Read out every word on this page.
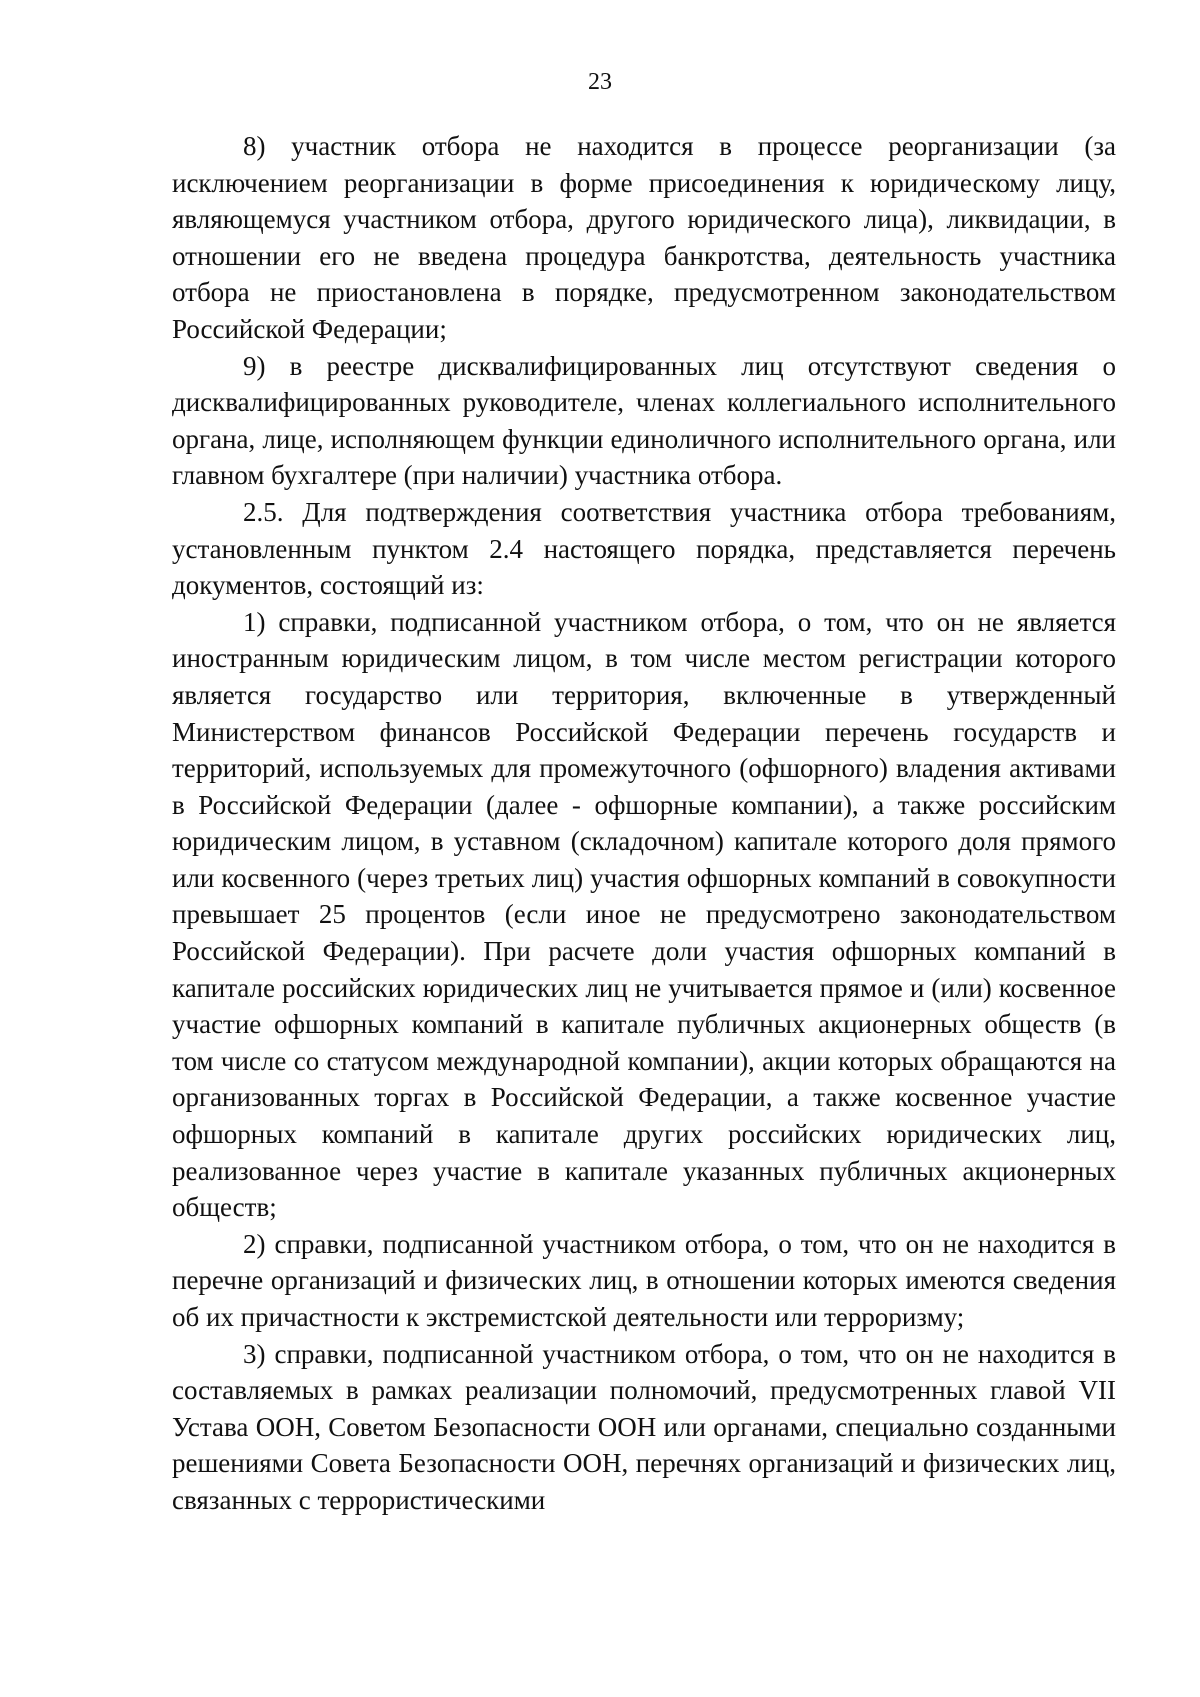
23

8) участник отбора не находится в процессе реорганизации (за исключением реорганизации в форме присоединения к юридическому лицу, являющемуся участником отбора, другого юридического лица), ликвидации, в отношении его не введена процедура банкротства, деятельность участника отбора не приостановлена в порядке, предусмотренном законодательством Российской Федерации;

9) в реестре дисквалифицированных лиц отсутствуют сведения о дисквалифицированных руководителе, членах коллегиального исполнительного органа, лице, исполняющем функции единоличного исполнительного органа, или главном бухгалтере (при наличии) участника отбора.

2.5. Для подтверждения соответствия участника отбора требованиям, установленным пунктом 2.4 настоящего порядка, представляется перечень документов, состоящий из:

1) справки, подписанной участником отбора, о том, что он не является иностранным юридическим лицом, в том числе местом регистрации которого является государство или территория, включенные в утвержденный Министерством финансов Российской Федерации перечень государств и территорий, используемых для промежуточного (офшорного) владения активами в Российской Федерации (далее - офшорные компании), а также российским юридическим лицом, в уставном (складочном) капитале которого доля прямого или косвенного (через третьих лиц) участия офшорных компаний в совокупности превышает 25 процентов (если иное не предусмотрено законодательством Российской Федерации). При расчете доли участия офшорных компаний в капитале российских юридических лиц не учитывается прямое и (или) косвенное участие офшорных компаний в капитале публичных акционерных обществ (в том числе со статусом международной компании), акции которых обращаются на организованных торгах в Российской Федерации, а также косвенное участие офшорных компаний в капитале других российских юридических лиц, реализованное через участие в капитале указанных публичных акционерных обществ;

2) справки, подписанной участником отбора, о том, что он не находится в перечне организаций и физических лиц, в отношении которых имеются сведения об их причастности к экстремистской деятельности или терроризму;

3) справки, подписанной участником отбора, о том, что он не находится в составляемых в рамках реализации полномочий, предусмотренных главой VII Устава ООН, Советом Безопасности ООН или органами, специально созданными решениями Совета Безопасности ООН, перечнях организаций и физических лиц, связанных с террористическими
